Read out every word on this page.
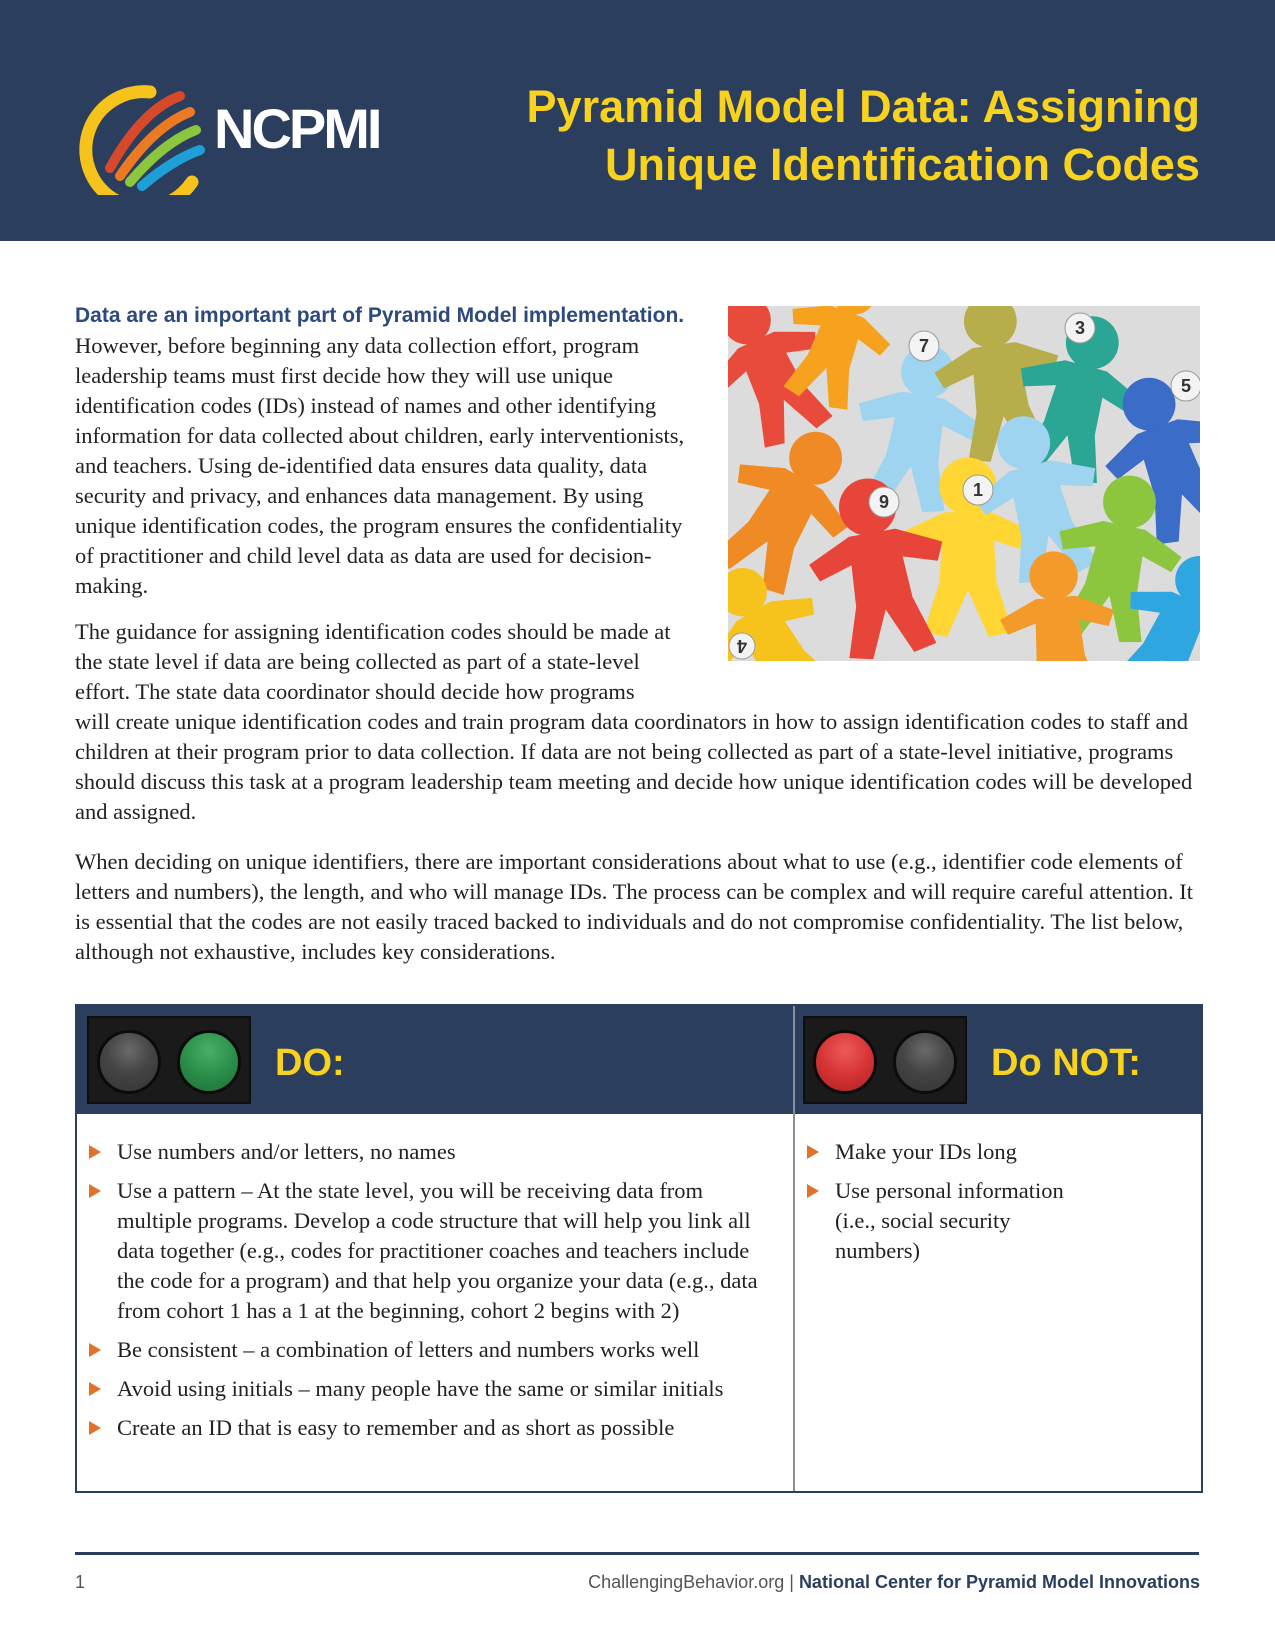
NCPMI	Pyramid Model Data: Assigning
Unique Identification Codes
7
3
5
9
1
4
Data are an important part of Pyramid Model implementation. However, before beginning any data collection effort, program leadership teams must first decide how they will use unique identification codes (IDs) instead of names and other identifying information for data collected about children, early interventionists, and teachers. Using de-identified data ensures data quality, data security and privacy, and enhances data management. By using unique identification codes, the program ensures the confidentiality of practitioner and child level data as data are used for decision-making.
The guidance for assigning identification codes should be made at the state level if data are being collected as part of a state-level effort. The state data coordinator should decide how programs
will create unique identification codes and train program data coordinators in how to assign identification codes to staff and children at their program prior to data collection. If data are not being collected as part of a state-level initiative, programs should discuss this task at a program leadership team meeting and decide how unique identification codes will be developed and assigned.
When deciding on unique identifiers, there are important considerations about what to use (e.g., identifier code elements of letters and numbers), the length, and who will manage IDs. The process can be complex and will require careful attention. It is essential that the codes are not easily traced backed to individuals and do not compromise confidentiality. The list below, although not exhaustive, includes key considerations.
DO:	Do NOT:
Use numbers and/or letters, no names
Use a pattern – At the state level, you will be receiving data from multiple programs. Develop a code structure that will help you link all data together (e.g., codes for practitioner coaches and teachers include the code for a program) and that help you organize your data (e.g., data from cohort 1 has a 1 at the beginning, cohort 2 begins with 2)
Be consistent – a combination of letters and numbers works well
Avoid using initials – many people have the same or similar initials
Create an ID that is easy to remember and as short as possible
Make your IDs long
Use personal information (i.e., social security numbers)
1	ChallengingBehavior.org | National Center for Pyramid Model Innovations
